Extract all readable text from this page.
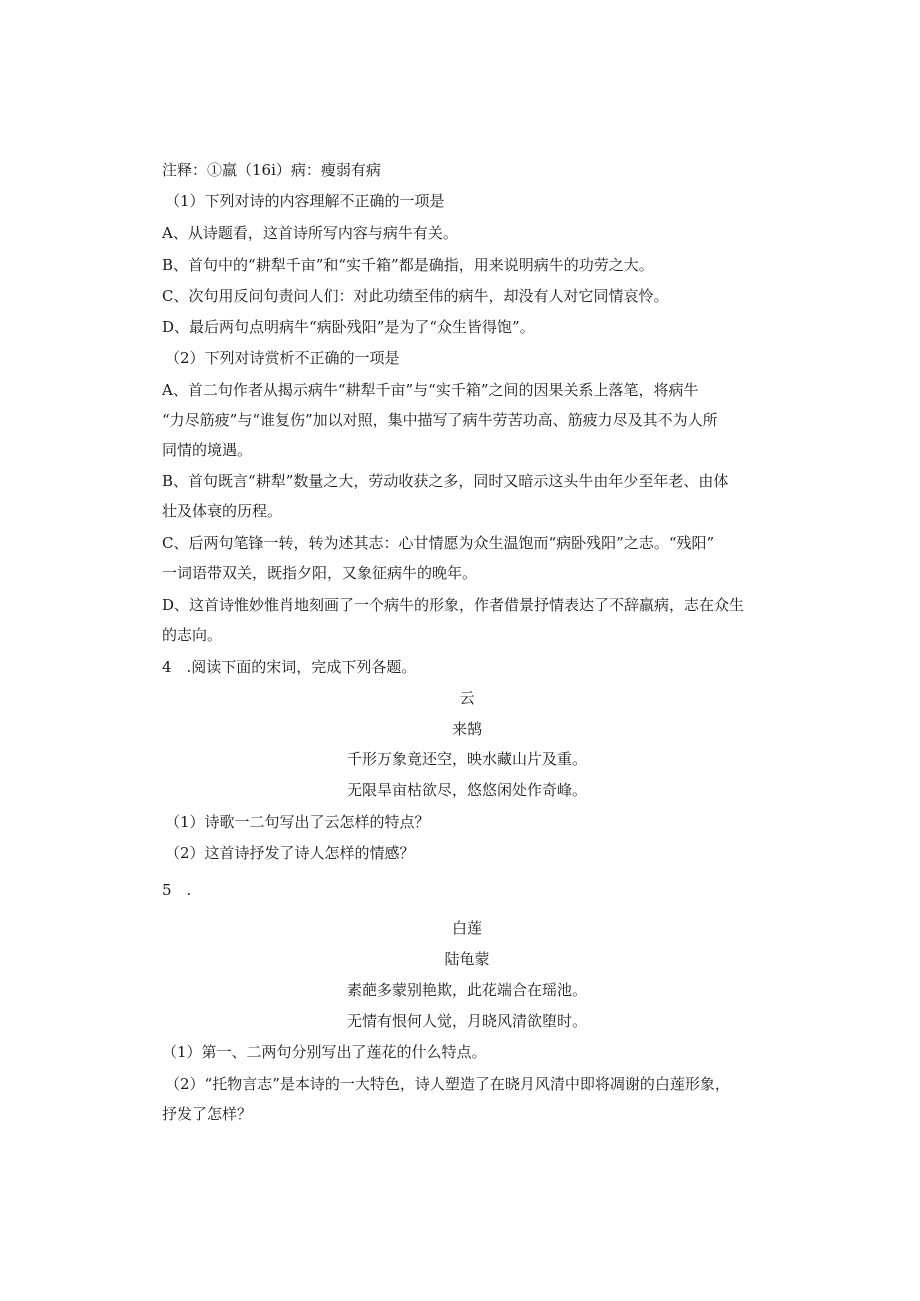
注释：①羸（16i）病：瘦弱有病
（1）下列对诗的内容理解不正确的一项是
A、从诗题看，这首诗所写内容与病牛有关。
B、首句中的“耕犁千亩”和“实千箱”都是确指，用来说明病牛的功劳之大。
C、次句用反问句责问人们：对此功绩至伟的病牛，却没有人对它同情哀怜。
D、最后两句点明病牛“病卧残阳”是为了“众生皆得饱”。
（2）下列对诗赏析不正确的一项是
A、首二句作者从揭示病牛“耕犁千亩”与“实千箱”之间的因果关系上落笔，将病牛
“力尽筋疲”与“谁复伤”加以对照，集中描写了病牛劳苦功高、筋疲力尽及其不为人所
同情的境遇。
B、首句既言“耕犁”数量之大，劳动收获之多，同时又暗示这头牛由年少至年老、由体
壮及体衰的历程。
C、后两句笔锋一转，转为述其志：心甘情愿为众生温饱而“病卧残阳”之志。“残阳”
一词语带双关，既指夕阳，又象征病牛的晚年。
D、这首诗惟妙惟肖地刻画了一个病牛的形象，作者借景抒情表达了不辞羸病，志在众生
的志向。
4　.阅读下面的宋词，完成下列各题。
云
来鹄
千形万象竟还空，映水藏山片及重。
无限旱亩枯欲尽，悠悠闲处作奇峰。
（1）诗歌一二句写出了云怎样的特点？
（2）这首诗抒发了诗人怎样的情感？
5　.
白莲
陆龟蒙
素葩多蒙别艳欺，此花端合在瑶池。
无情有恨何人觉，月晓风清欲堕时。
（1）第一、二两句分别写出了莲花的什么特点。
（2）“托物言志”是本诗的一大特色，诗人塑造了在晓月风清中即将凋谢的白莲形象，
抒发了怎样？
